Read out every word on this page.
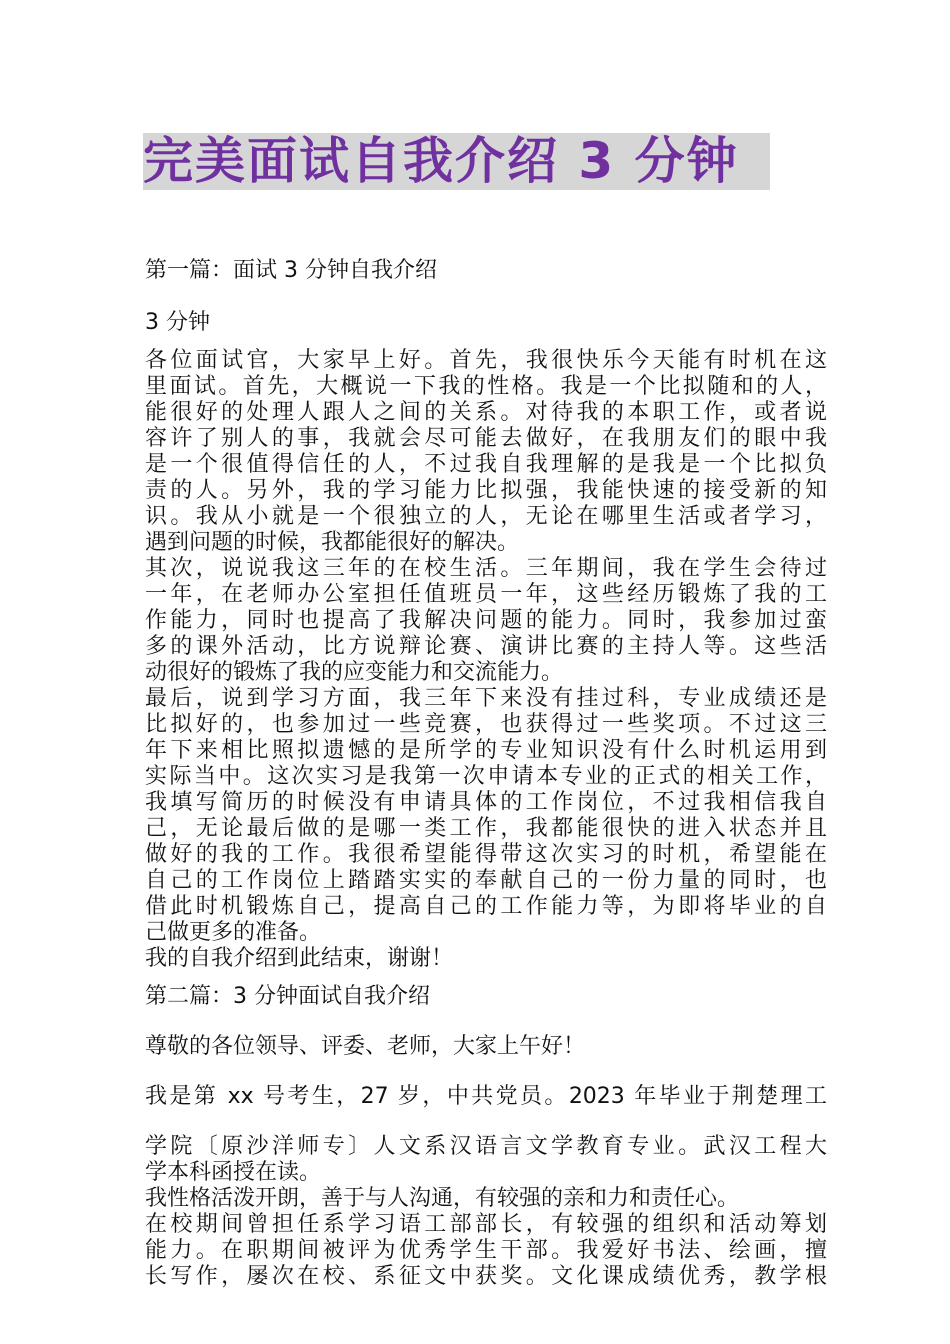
完美面试自我介绍 3 分钟
第一篇：面试 3 分钟自我介绍
3 分钟
各位面试官，大家早上好。首先，我很快乐今天能有时机在这
里面试。首先，大概说一下我的性格。我是一个比拟随和的人，
能很好的处理人跟人之间的关系。对待我的本职工作，或者说
容许了别人的事，我就会尽可能去做好，在我朋友们的眼中我
是一个很值得信任的人，不过我自我理解的是我是一个比拟负
责的人。另外，我的学习能力比拟强，我能快速的接受新的知
识。我从小就是一个很独立的人，无论在哪里生活或者学习，
遇到问题的时候，我都能很好的解决。
其次，说说我这三年的在校生活。三年期间，我在学生会待过
一年，在老师办公室担任值班员一年，这些经历锻炼了我的工
作能力，同时也提高了我解决问题的能力。同时，我参加过蛮
多的课外活动，比方说辩论赛、演讲比赛的主持人等。这些活
动很好的锻炼了我的应变能力和交流能力。
最后，说到学习方面，我三年下来没有挂过科，专业成绩还是
比拟好的，也参加过一些竞赛，也获得过一些奖项。不过这三
年下来相比照拟遗憾的是所学的专业知识没有什么时机运用到
实际当中。这次实习是我第一次申请本专业的正式的相关工作，
我填写简历的时候没有申请具体的工作岗位，不过我相信我自
己，无论最后做的是哪一类工作，我都能很快的进入状态并且
做好的我的工作。我很希望能得带这次实习的时机，希望能在
自己的工作岗位上踏踏实实的奉献自己的一份力量的同时，也
借此时机锻炼自己，提高自己的工作能力等，为即将毕业的自
己做更多的准备。
我的自我介绍到此结束，谢谢！
第二篇：3 分钟面试自我介绍
尊敬的各位领导、评委、老师，大家上午好！
我是第 xx 号考生，27 岁，中共党员。2023 年毕业于荆楚理工
学院〔原沙洋师专〕人文系汉语言文学教育专业。武汉工程大
学本科函授在读。
我性格活泼开朗，善于与人沟通，有较强的亲和力和责任心。
在校期间曾担任系学习语工部部长，有较强的组织和活动筹划
能力。在职期间被评为优秀学生干部。我爱好书法、绘画，擅
长写作，屡次在校、系征文中获奖。文化课成绩优秀，教学根
